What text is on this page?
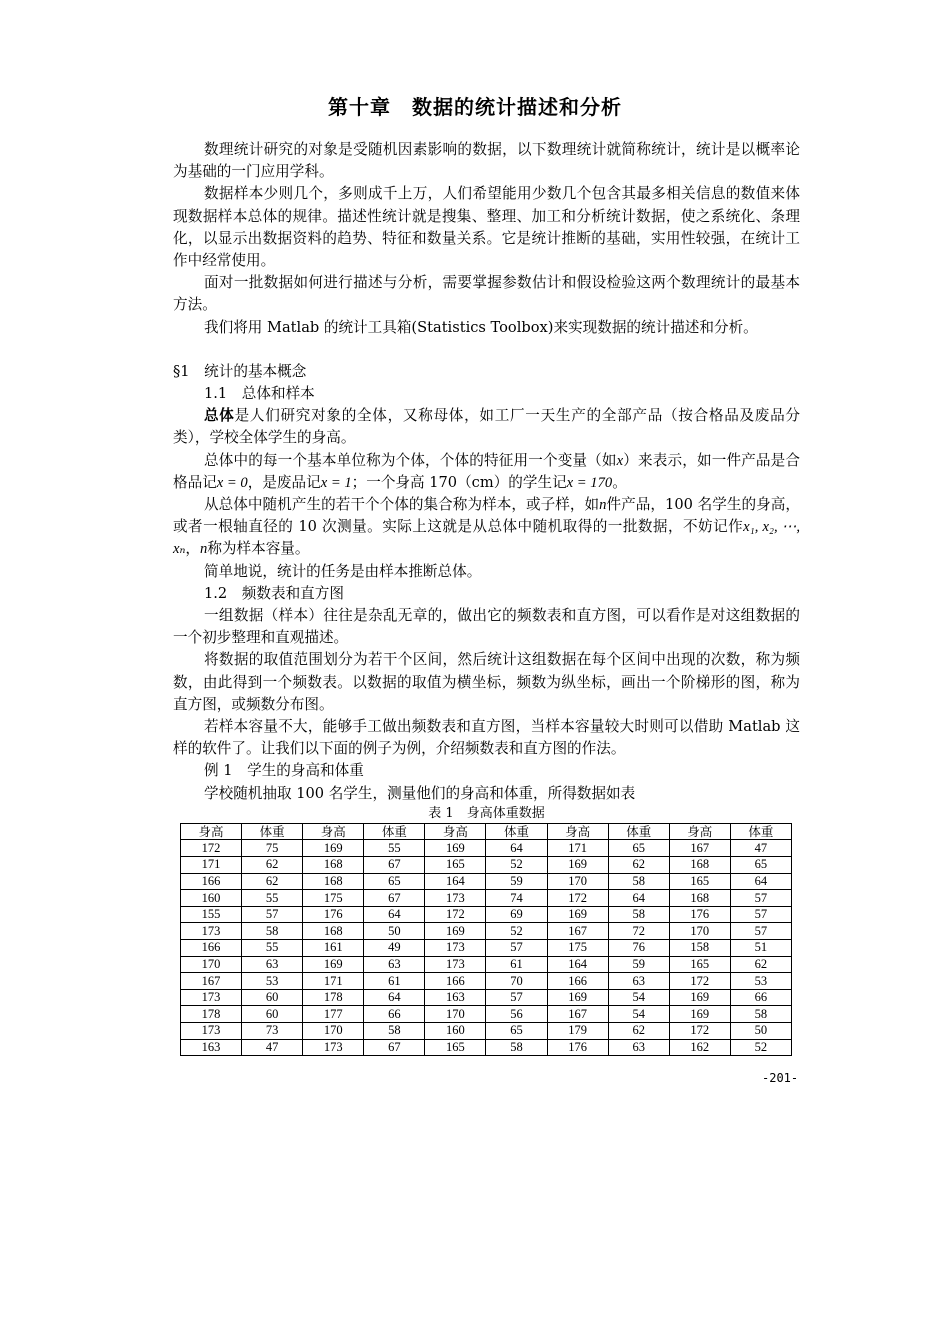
第十章　数据的统计描述和分析

数理统计研究的对象是受随机因素影响的数据，以下数理统计就简称统计，统计是以概率论为基础的一门应用学科。

数据样本少则几个，多则成千上万，人们希望能用少数几个包含其最多相关信息的数值来体现数据样本总体的规律。描述性统计就是搜集、整理、加工和分析统计数据，使之系统化、条理化，以显示出数据资料的趋势、特征和数量关系。它是统计推断的基础，实用性较强，在统计工作中经常使用。

面对一批数据如何进行描述与分析，需要掌握参数估计和假设检验这两个数理统计的最基本方法。

我们将用 Matlab 的统计工具箱(Statistics Toolbox)来实现数据的统计描述和分析。

§1　统计的基本概念

1.1　总体和样本

总体是人们研究对象的全体，又称母体，如工厂一天生产的全部产品（按合格品及废品分类），学校全体学生的身高。

总体中的每一个基本单位称为个体，个体的特征用一个变量（如x）来表示，如一件产品是合格品记x = 0，是废品记x = 1；一个身高 170（cm）的学生记x = 170。

从总体中随机产生的若干个个体的集合称为样本，或子样，如n件产品，100 名学生的身高，或者一根轴直径的 10 次测量。实际上这就是从总体中随机取得的一批数据，不妨记作x₁, x₂, ⋯, xₙ，n称为样本容量。

简单地说，统计的任务是由样本推断总体。

1.2　频数表和直方图

一组数据（样本）往往是杂乱无章的，做出它的频数表和直方图，可以看作是对这组数据的一个初步整理和直观描述。

将数据的取值范围划分为若干个区间，然后统计这组数据在每个区间中出现的次数，称为频数，由此得到一个频数表。以数据的取值为横坐标，频数为纵坐标，画出一个阶梯形的图，称为直方图，或频数分布图。

若样本容量不大，能够手工做出频数表和直方图，当样本容量较大时则可以借助 Matlab 这样的软件了。让我们以下面的例子为例，介绍频数表和直方图的作法。

例 1　学生的身高和体重

学校随机抽取 100 名学生，测量他们的身高和体重，所得数据如表

表 1　身高体重数据
身高	体重	身高	体重	身高	体重	身高	体重	身高	体重
172	75	169	55	169	64	171	65	167	47
171	62	168	67	165	52	169	62	168	65
166	62	168	65	164	59	170	58	165	64
160	55	175	67	173	74	172	64	168	57
155	57	176	64	172	69	169	58	176	57
173	58	168	50	169	52	167	72	170	57
166	55	161	49	173	57	175	76	158	51
170	63	169	63	173	61	164	59	165	62
167	53	171	61	166	70	166	63	172	53
173	60	178	64	163	57	169	54	169	66
178	60	177	66	170	56	167	54	169	58
173	73	170	58	160	65	179	62	172	50
163	47	173	67	165	58	176	63	162	52
-201-
